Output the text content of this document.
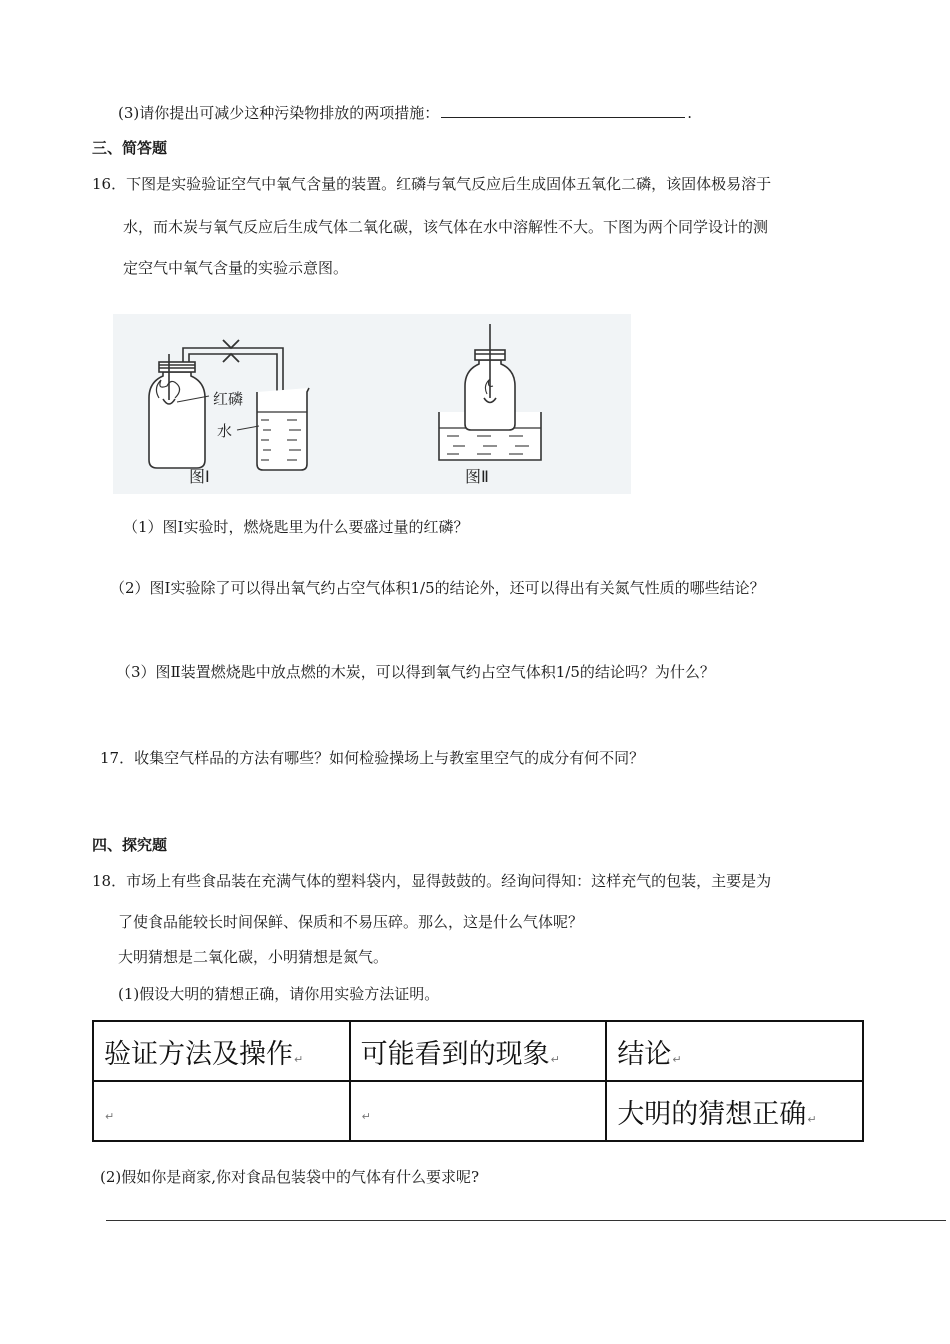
(3)请你提出可减少这种污染物排放的两项措施：	.
三、简答题
16．下图是实验验证空气中氧气含量的装置。红磷与氧气反应后生成固体五氧化二磷，该固体极易溶于
水，而木炭与氧气反应后生成气体二氧化碳，该气体在水中溶解性不大。下图为两个同学设计的测
定空气中氧气含量的实验示意图。
红磷
水
图Ⅰ	图Ⅱ
（1）图Ⅰ实验时，燃烧匙里为什么要盛过量的红磷？
（2）图Ⅰ实验除了可以得出氧气约占空气体积1/5的结论外，还可以得出有关氮气性质的哪些结论？
（3）图Ⅱ装置燃烧匙中放点燃的木炭，可以得到氧气约占空气体积1/5的结论吗？为什么？
17．收集空气样品的方法有哪些？如何检验操场上与教室里空气的成分有何不同？
四、探究题
18．市场上有些食品装在充满气体的塑料袋内，显得鼓鼓的。经询问得知：这样充气的包装，主要是为
了使食品能较长时间保鲜、保质和不易压碎。那么，这是什么气体呢？
大明猜想是二氧化碳，小明猜想是氮气。
(1)假设大明的猜想正确，请你用实验方法证明。
验证方法及操作↵	可能看到的现象↵	结论↵
↵	↵	大明的猜想正确↵
(2)假如你是商家,你对食品包装袋中的气体有什么要求呢?
